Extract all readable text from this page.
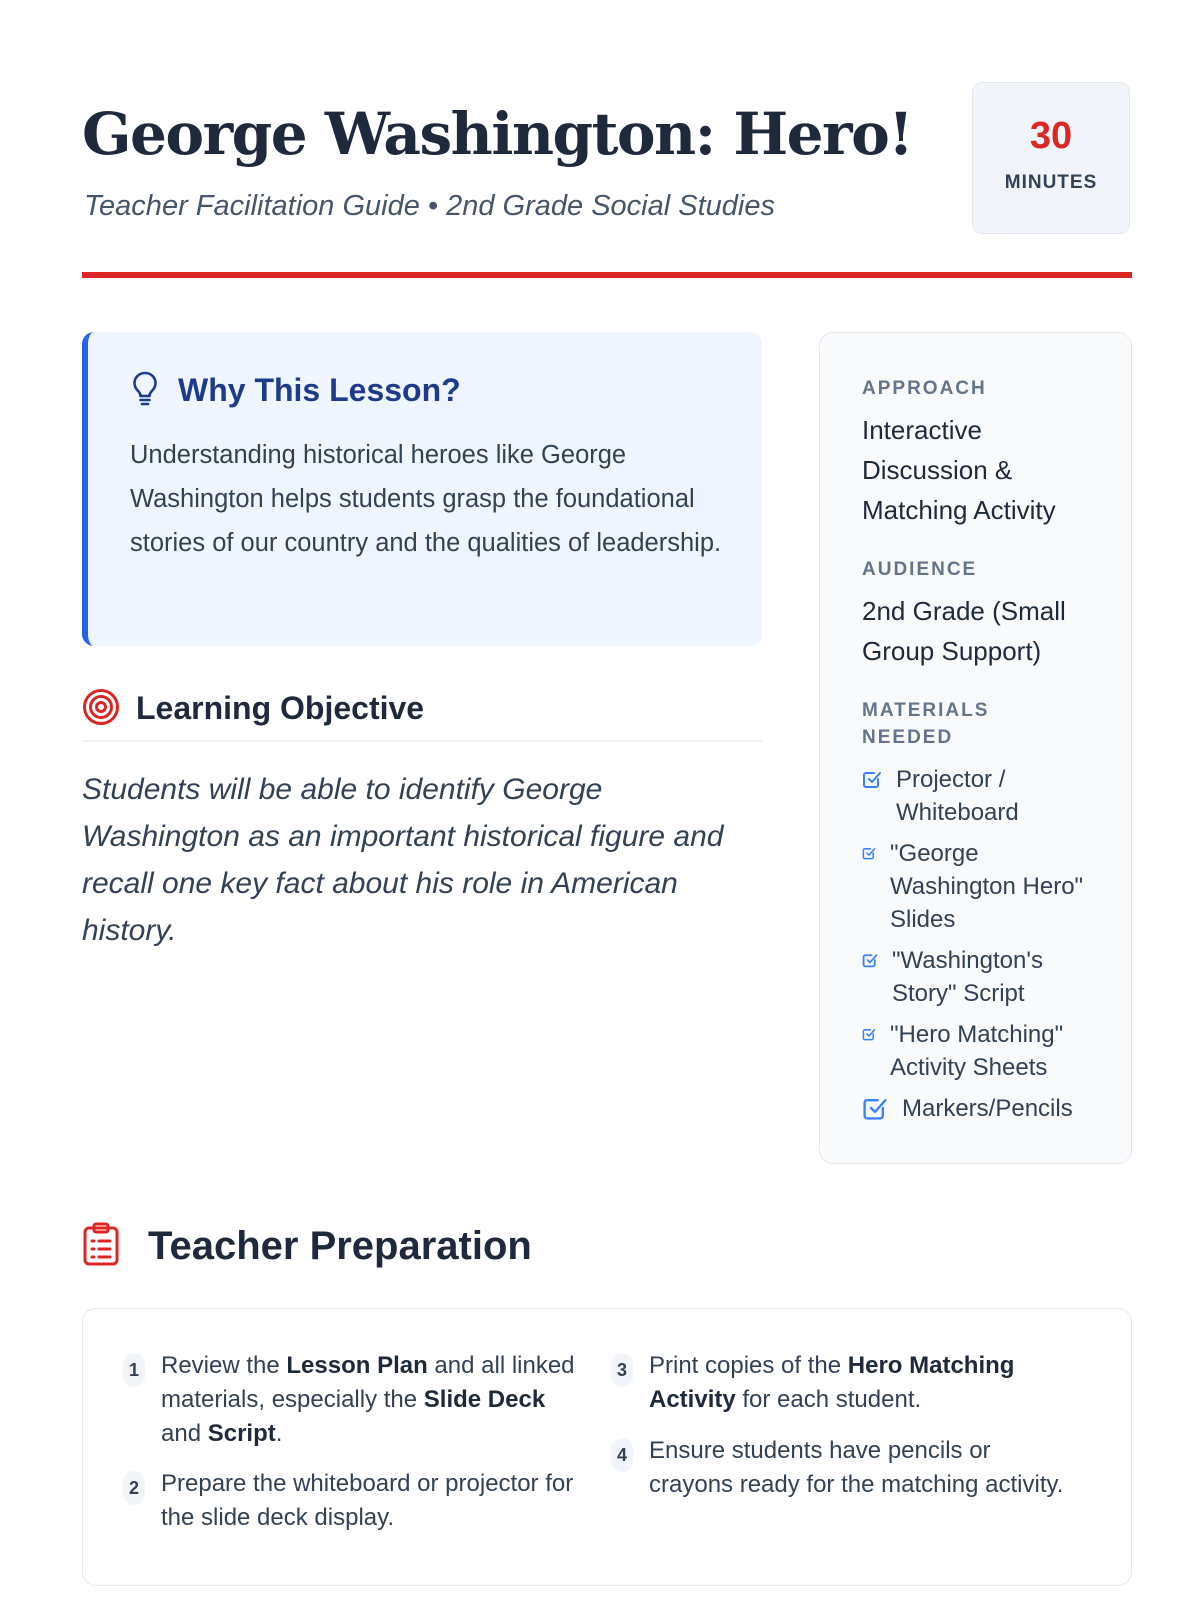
George Washington: Hero!
Teacher Facilitation Guide • 2nd Grade Social Studies
30
MINUTES
Why This Lesson?
Understanding historical heroes like George Washington helps students grasp the foundational stories of our country and the qualities of leadership.
Learning Objective
Students will be able to identify George Washington as an important historical figure and recall one key fact about his role in American history.
APPROACH
Interactive Discussion & Matching Activity
AUDIENCE
2nd Grade (Small Group Support)
MATERIALS NEEDED
Projector / Whiteboard
"George Washington Hero" Slides
"Washington's Story" Script
"Hero Matching" Activity Sheets
Markers/Pencils
Teacher Preparation
1 Review the Lesson Plan and all linked materials, especially the Slide Deck and Script.
2 Prepare the whiteboard or projector for the slide deck display.
3 Print copies of the Hero Matching Activity for each student.
4 Ensure students have pencils or crayons ready for the matching activity.
